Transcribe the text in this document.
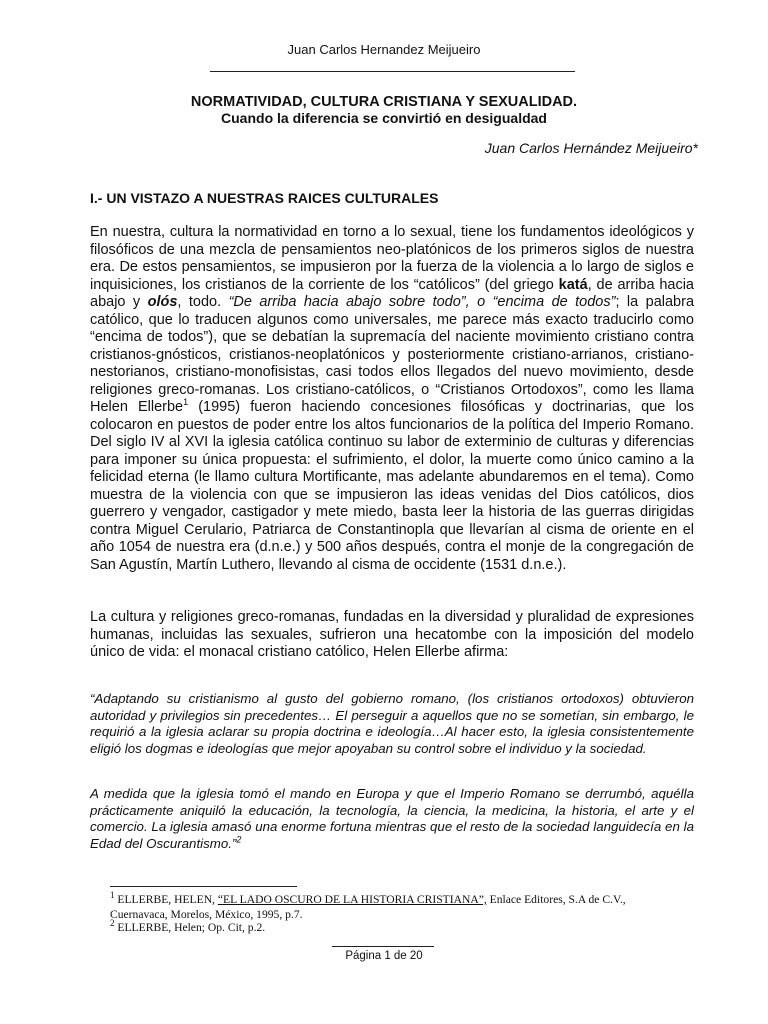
Juan Carlos Hernandez Meijueiro
NORMATIVIDAD, CULTURA CRISTIANA Y SEXUALIDAD.
Cuando la diferencia se convirtió en desigualdad
Juan Carlos Hernández Meijueiro*
I.- UN VISTAZO A NUESTRAS RAICES CULTURALES

En nuestra, cultura la normatividad en torno a lo sexual, tiene los fundamentos ideológicos y filosóficos de una mezcla de pensamientos neo-platónicos de los primeros siglos de nuestra era. De estos pensamientos, se impusieron por la fuerza de la violencia a lo largo de siglos e inquisiciones, los cristianos de la corriente de los “católicos” (del griego katá, de arriba hacia abajo y olós, todo. “De arriba hacia abajo sobre todo”, o “encima de todos”; la palabra católico, que lo traducen algunos como universales, me parece más exacto traducirlo como “encima de todos”), que se debatían la supremacía del naciente movimiento cristiano contra cristianos-gnósticos, cristianos-neoplatónicos y posteriormente cristiano-arrianos, cristiano-nestorianos, cristiano-monofisistas, casi todos ellos llegados del nuevo movimiento, desde religiones greco-romanas. Los cristiano-católicos, o “Cristianos Ortodoxos”, como les llama Helen Ellerbe$^1$ (1995) fueron haciendo concesiones filosóficas y doctrinarias, que los colocaron en puestos de poder entre los altos funcionarios de la política del Imperio Romano. Del siglo IV al XVI la iglesia católica continuo su labor de exterminio de culturas y diferencias para imponer su única propuesta: el sufrimiento, el dolor, la muerte como único camino a la felicidad eterna (le llamo cultura Mortificante, mas adelante abundaremos en el tema). Como muestra de la violencia con que se impusieron las ideas venidas del Dios católicos, dios guerrero y vengador, castigador y mete miedo, basta leer la historia de las guerras dirigidas contra Miguel Cerulario, Patriarca de Constantinopla que llevarían al cisma de oriente en el año 1054 de nuestra era (d.n.e.) y 500 años después, contra el monje de la congregación de San Agustín, Martín Luthero, llevando al cisma de occidente (1531 d.n.e.).

La cultura y religiones greco-romanas, fundadas en la diversidad y pluralidad de expresiones humanas, incluidas las sexuales, sufrieron una hecatombe con la imposición del modelo único de vida: el monacal cristiano católico, Helen Ellerbe afirma:

“Adaptando su cristianismo al gusto del gobierno romano, (los cristianos ortodoxos) obtuvieron autoridad y privilegios sin precedentes… El perseguir a aquellos que no se sometían, sin embargo, le requirió a la iglesia aclarar su propia doctrina e ideología…Al hacer esto, la iglesia consistentemente eligió los dogmas e ideologías que mejor apoyaban su control sobre el individuo y la sociedad.

A medida que la iglesia tomó el mando en Europa y que el Imperio Romano se derrumbó, aquélla prácticamente aniquiló la educación, la tecnología, la ciencia, la medicina, la historia, el arte y el comercio. La iglesia amasó una enorme fortuna mientras que el resto de la sociedad languidecía en la Edad del Oscurantismo.”$^2$

$^1$ ELLERBE, HELEN, “EL LADO OSCURO DE LA HISTORIA CRISTIANA”, Enlace Editores, S.A de C.V., Cuernavaca, Morelos, México, 1995, p.7.
$^2$ ELLERBE, Helen; Op. Cit, p.2.
Página 1 de 20
